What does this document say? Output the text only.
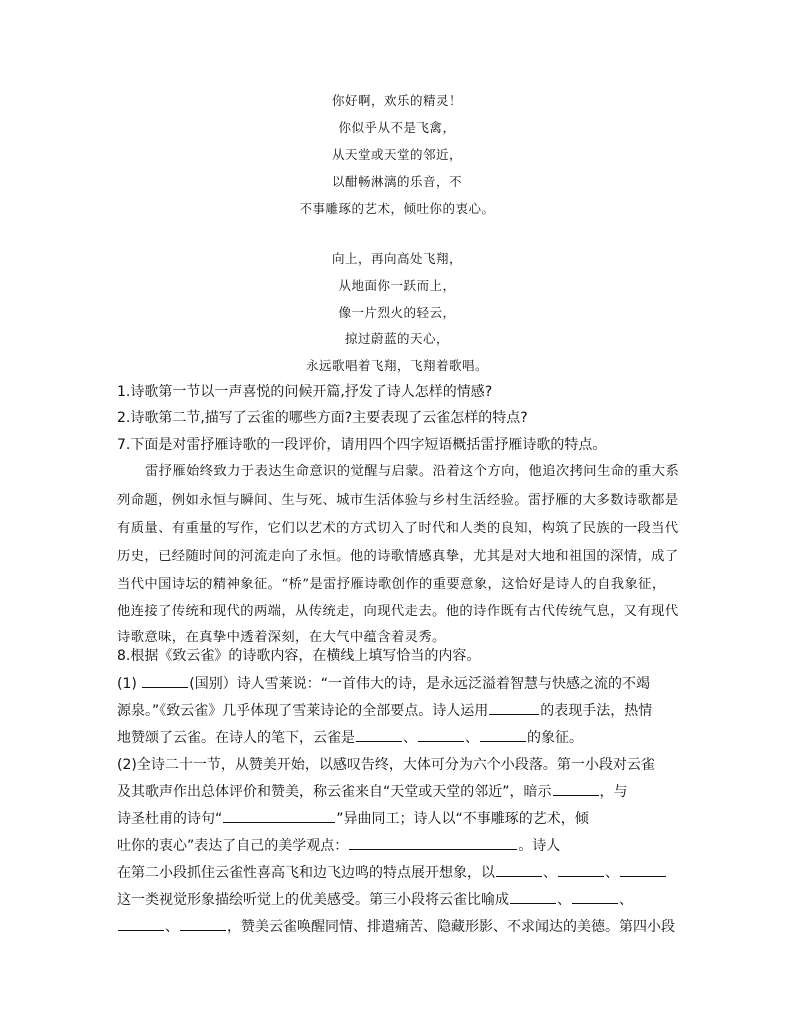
你好啊，欢乐的精灵！
你似乎从不是飞禽，
从天堂或天堂的邻近，
以酣畅淋漓的乐音，不
不事雕琢的艺术，倾吐你的衷心。
向上，再向高处飞翔，
从地面你一跃而上，
像一片烈火的轻云，
掠过蔚蓝的天心，
永远歌唱着飞翔，飞翔着歌唱。
1.诗歌第一节以一声喜悦的问候开篇,抒发了诗人怎样的情感?
2.诗歌第二节,描写了云雀的哪些方面?主要表现了云雀怎样的特点?
7.下面是对雷抒雁诗歌的一段评价，请用四个四字短语概括雷抒雁诗歌的特点。
雷抒雁始终致力于表达生命意识的觉醒与启蒙。沿着这个方向，他追次拷问生命的重大系
列命题，例如永恒与瞬间、生与死、城市生活体验与乡村生活经验。雷抒雁的大多数诗歌都是
有质量、有重量的写作，它们以艺术的方式切入了时代和人类的良知，构筑了民族的一段当代
历史，已经随时间的河流走向了永恒。他的诗歌情感真挚，尤其是对大地和祖国的深情，成了
当代中国诗坛的精神象征。“桥”是雷抒雁诗歌创作的重要意象，这恰好是诗人的自我象征，
他连接了传统和现代的两端，从传统走，向现代走去。他的诗作既有古代传统气息，又有现代
诗歌意味，在真挚中透着深刻，在大气中蕴含着灵秀。
8.根据《致云雀》的诗歌内容，在横线上填写恰当的内容。
(1)	(国别）诗人雪莱说：“一首伟大的诗，是永远泛溢着智慧与快感之流的不竭
源泉。”《致云雀》几乎体现了雪莱诗论的全部要点。诗人运用	的表现手法，热情
地赞颂了云雀。在诗人的笔下，云雀是	、	、	的象征。
(2)全诗二十一节，从赞美开始，以感叹告终，大体可分为六个小段落。第一小段对云雀
及其歌声作出总体评价和赞美，称云雀来自“天堂或天堂的邻近”，暗示	，与
诗圣杜甫的诗句“	”异曲同工；诗人以“不事雕琢的艺术，倾
吐你的衷心”表达了自己的美学观点：	。诗人
在第二小段抓住云雀性喜高飞和边飞边鸣的特点展开想象，以	、	、
这一类视觉形象描绘听觉上的优美感受。第三小段将云雀比喻成	、	、
、	，赞美云雀唤醒同情、排遣痛苦、隐藏形影、不求闻达的美德。第四小段
